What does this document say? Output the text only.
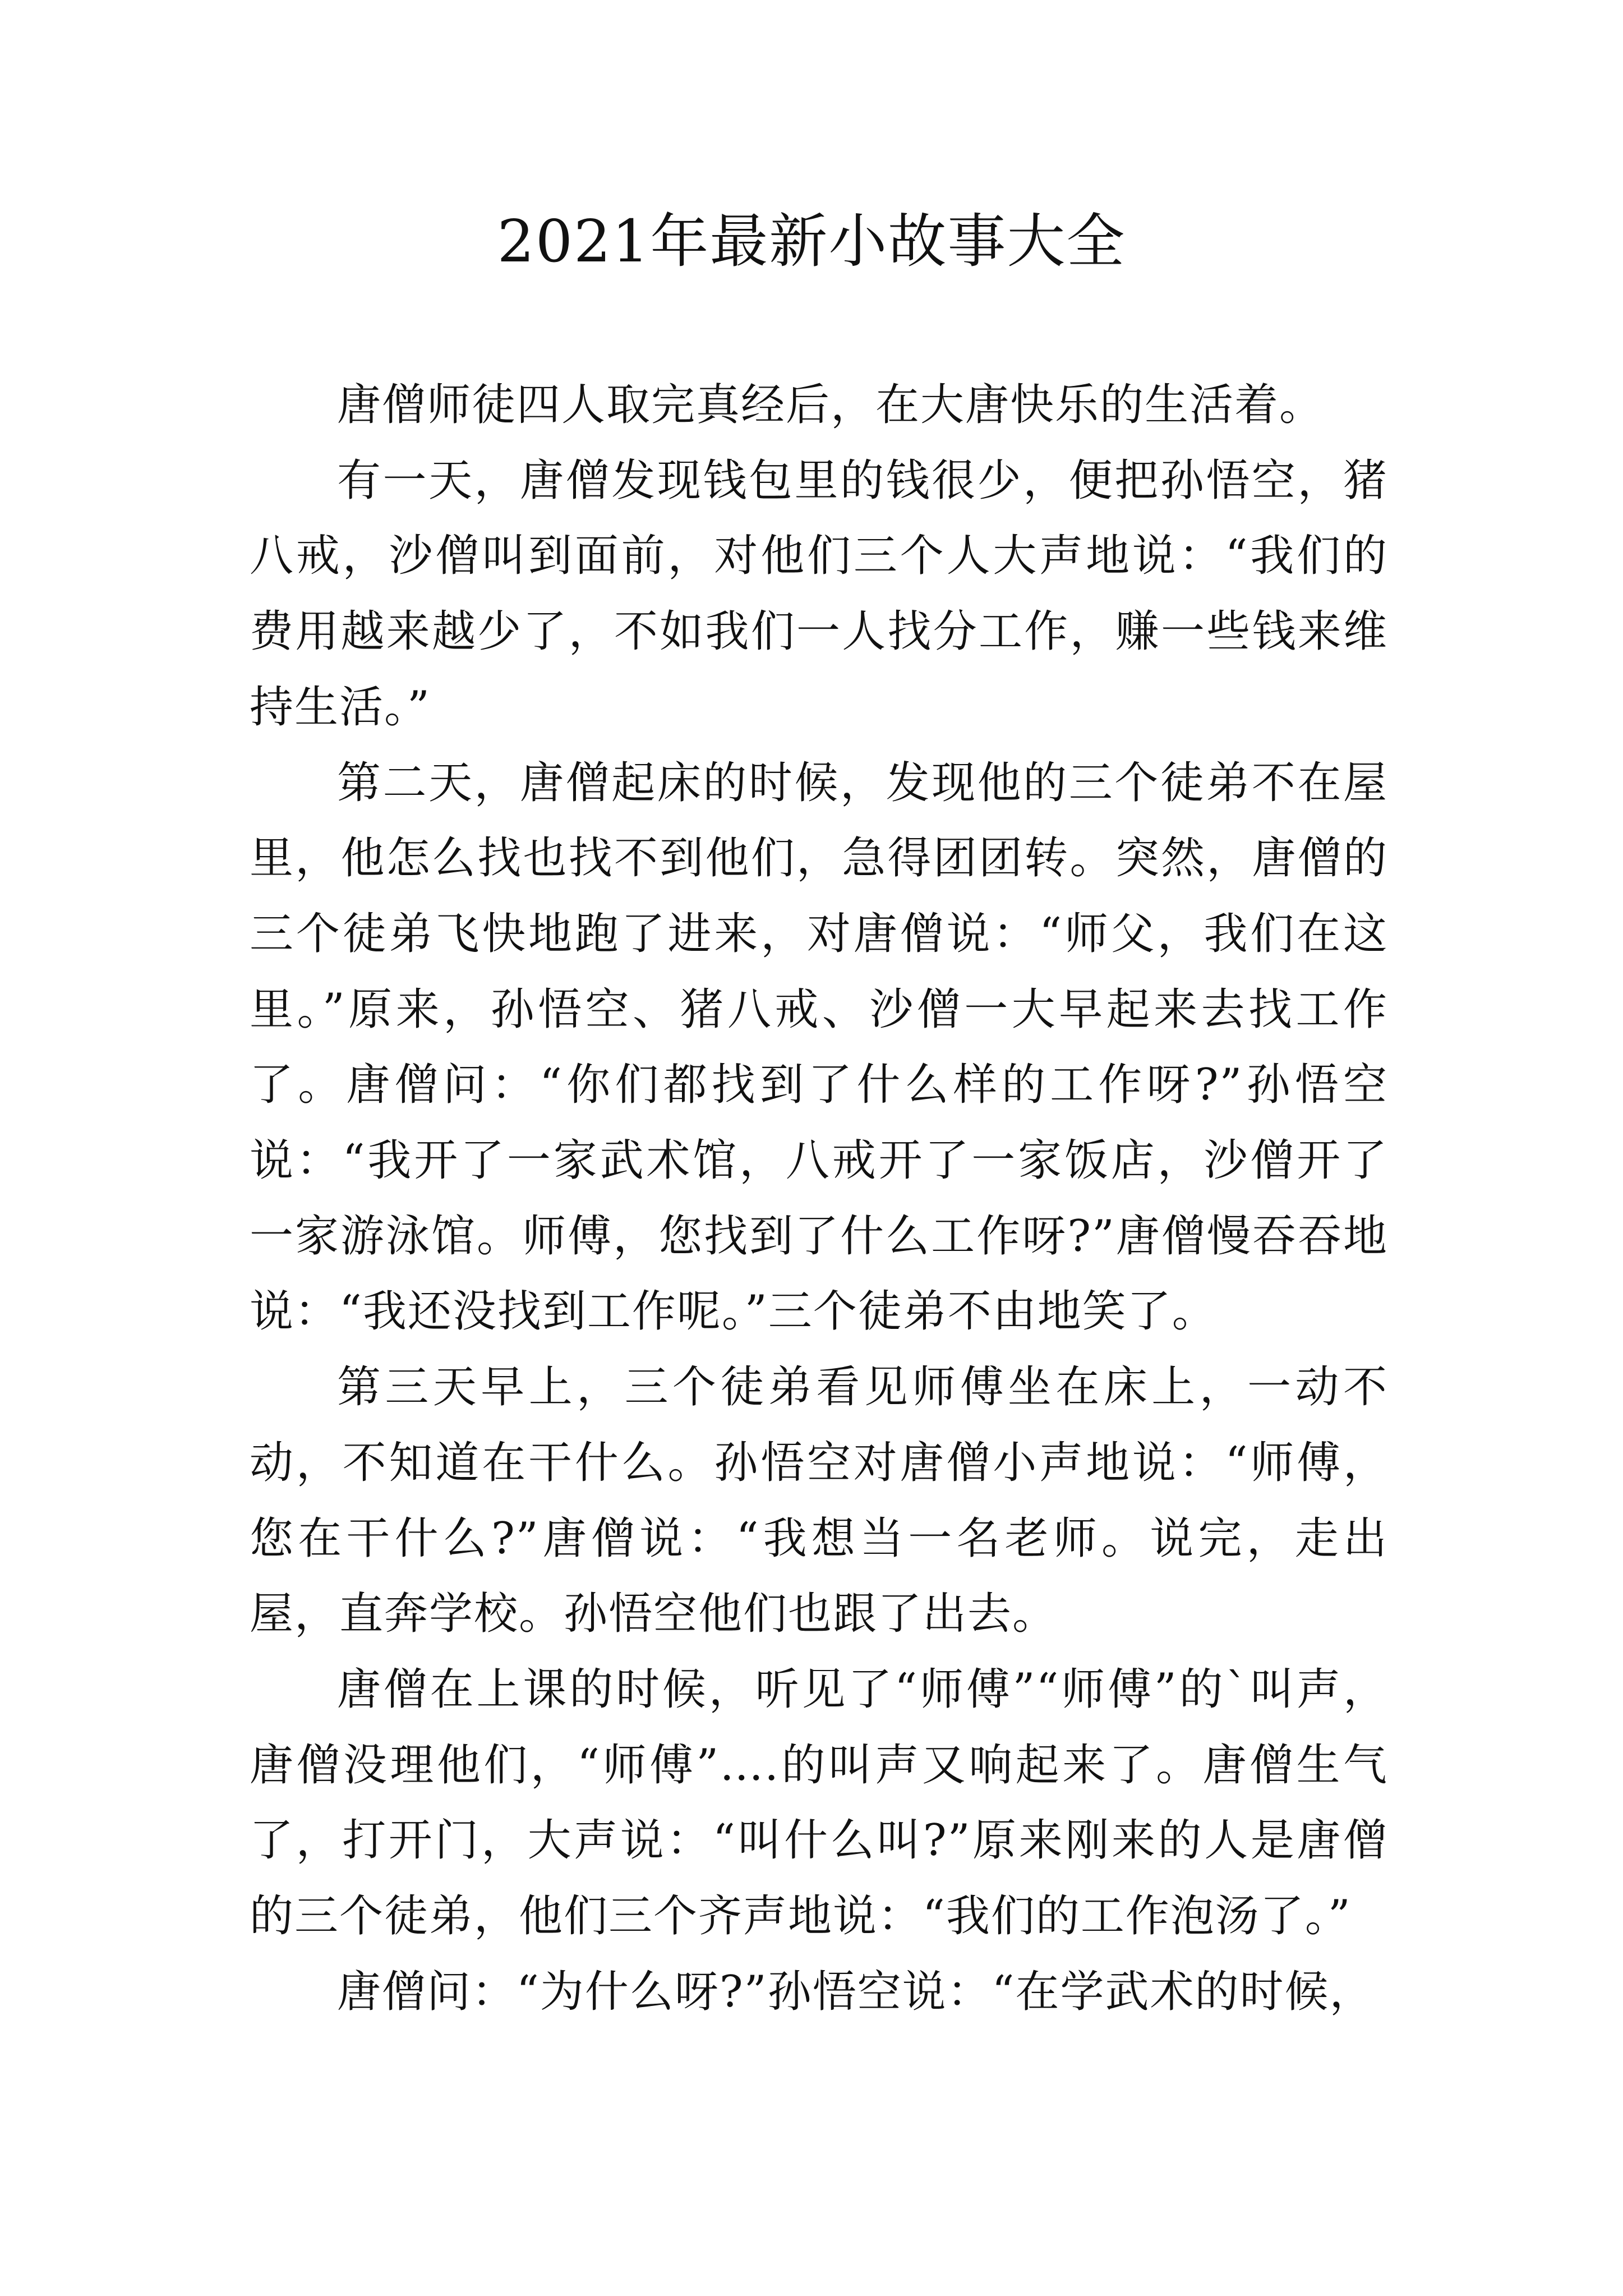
2021年最新小故事大全

唐僧师徒四人取完真经后，在大唐快乐的生活着。

有一天，唐僧发现钱包里的钱很少，便把孙悟空，猪八戒，沙僧叫到面前，对他们三个人大声地说：“我们的费用越来越少了，不如我们一人找分工作，赚一些钱来维持生活。”

第二天，唐僧起床的时候，发现他的三个徒弟不在屋里，他怎么找也找不到他们，急得团团转。突然，唐僧的三个徒弟飞快地跑了进来，对唐僧说：“师父，我们在这里。”原来，孙悟空、猪八戒、沙僧一大早起来去找工作了。唐僧问：“你们都找到了什么样的工作呀?”孙悟空说：“我开了一家武术馆，八戒开了一家饭店，沙僧开了一家游泳馆。师傅，您找到了什么工作呀?”唐僧慢吞吞地说：“我还没找到工作呢。”三个徒弟不由地笑了。

第三天早上，三个徒弟看见师傅坐在床上，一动不动，不知道在干什么。孙悟空对唐僧小声地说：“师傅，您在干什么?”唐僧说：“我想当一名老师。说完，走出屋，直奔学校。孙悟空他们也跟了出去。

唐僧在上课的时候，听见了“师傅”“师傅”的`叫声，唐僧没理他们，“师傅”….的叫声又响起来了。唐僧生气了，打开门，大声说：“叫什么叫?”原来刚来的人是唐僧的三个徒弟，他们三个齐声地说：“我们的工作泡汤了。”

唐僧问：“为什么呀?”孙悟空说：“在学武术的时候，
